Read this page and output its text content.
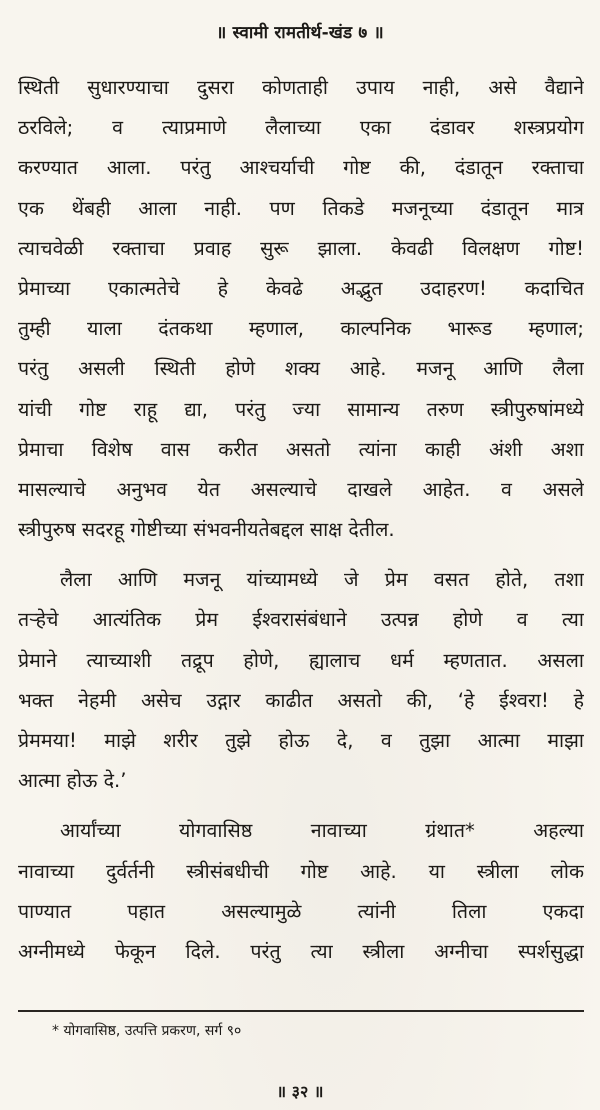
॥ स्वामी रामतीर्थ-खंड ७ ॥
स्थिती सुधारण्याचा दुसरा कोणताही उपाय नाही, असे वैद्याने
ठरविले; व त्याप्रमाणे लैलाच्या एका दंडावर शस्त्रप्रयोग
करण्यात आला. परंतु आश्चर्याची गोष्ट की, दंडातून रक्ताचा
एक थेंबही आला नाही. पण तिकडे मजनूच्या दंडातून मात्र
त्याचवेळी रक्ताचा प्रवाह सुरू झाला. केवढी विलक्षण गोष्ट!
प्रेमाच्या एकात्मतेचे हे केवढे अद्भुत उदाहरण! कदाचित
तुम्ही याला दंतकथा म्हणाल, काल्पनिक भारूड म्हणाल;
परंतु असली स्थिती होणे शक्य आहे. मजनू आणि लैला
यांची गोष्ट राहू द्या, परंतु ज्या सामान्य तरुण स्त्रीपुरुषांमध्ये
प्रेमाचा विशेष वास करीत असतो त्यांना काही अंशी अशा
मासल्याचे अनुभव येत असल्याचे दाखले आहेत. व असले
स्त्रीपुरुष सदरहू गोष्टीच्या संभवनीयतेबद्दल साक्ष देतील.
लैला आणि मजनू यांच्यामध्ये जे प्रेम वसत होते, तशा
तऱ्हेचे आत्यंतिक प्रेम ईश्वरासंबंधाने उत्पन्न होणे व त्या
प्रेमाने त्याच्याशी तद्रूप होणे, ह्यालाच धर्म म्हणतात. असला
भक्त नेहमी असेच उद्गार काढीत असतो की, ‘हे ईश्वरा! हे
प्रेममया! माझे शरीर तुझे होऊ दे, व तुझा आत्मा माझा
आत्मा होऊ दे.’
आर्यांच्या योगवासिष्ठ नावाच्या ग्रंथात* अहल्या
नावाच्या दुर्वर्तनी स्त्रीसंबधीची गोष्ट आहे. या स्त्रीला लोक
पाण्यात पहात असल्यामुळे त्यांनी तिला एकदा
अग्नीमध्ये फेकून दिले. परंतु त्या स्त्रीला अग्नीचा स्पर्शसुद्धा
* योगवासिष्ठ, उत्पत्ति प्रकरण, सर्ग ९०
॥ ३२ ॥
